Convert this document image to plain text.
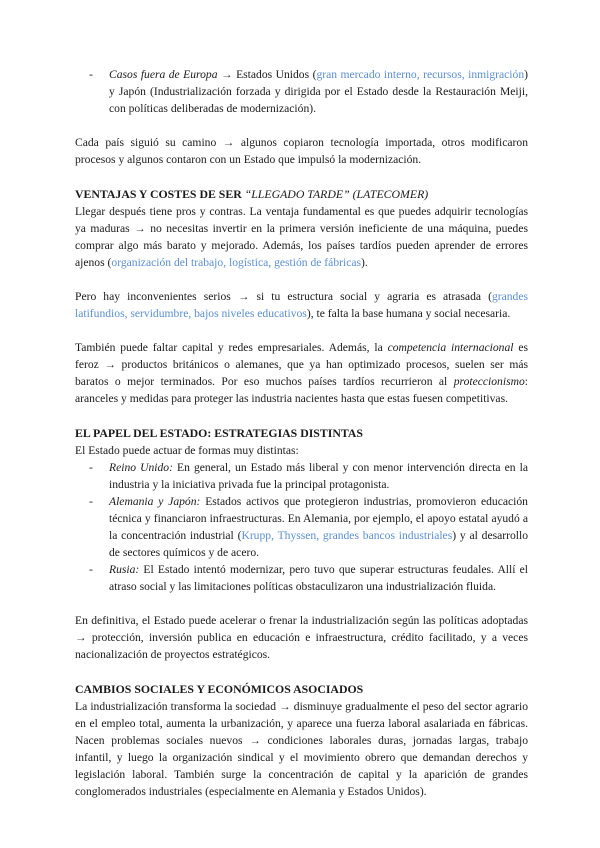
- Casos fuera de Europa → Estados Unidos (gran mercado interno, recursos, inmigración) y Japón (Industrialización forzada y dirigida por el Estado desde la Restauración Meiji, con políticas deliberadas de modernización).

Cada país siguió su camino → algunos copiaron tecnología importada, otros modificaron procesos y algunos contaron con un Estado que impulsó la modernización.

VENTAJAS Y COSTES DE SER “LLEGADO TARDE” (LATECOMER)

Llegar después tiene pros y contras. La ventaja fundamental es que puedes adquirir tecnologías ya maduras → no necesitas invertir en la primera versión ineficiente de una máquina, puedes comprar algo más barato y mejorado. Además, los países tardíos pueden aprender de errores ajenos (organización del trabajo, logística, gestión de fábricas).

Pero hay inconvenientes serios → si tu estructura social y agraria es atrasada (grandes latifundios, servidumbre, bajos niveles educativos), te falta la base humana y social necesaria.

También puede faltar capital y redes empresariales. Además, la competencia internacional es feroz → productos británicos o alemanes, que ya han optimizado procesos, suelen ser más baratos o mejor terminados. Por eso muchos países tardíos recurrieron al proteccionismo: aranceles y medidas para proteger las industria nacientes hasta que estas fuesen competitivas.

EL PAPEL DEL ESTADO: ESTRATEGIAS DISTINTAS

El Estado puede actuar de formas muy distintas:

- Reino Unido: En general, un Estado más liberal y con menor intervención directa en la industria y la iniciativa privada fue la principal protagonista.
- Alemania y Japón: Estados activos que protegieron industrias, promovieron educación técnica y financiaron infraestructuras. En Alemania, por ejemplo, el apoyo estatal ayudó a la concentración industrial (Krupp, Thyssen, grandes bancos industriales) y al desarrollo de sectores químicos y de acero.
- Rusia: El Estado intentó modernizar, pero tuvo que superar estructuras feudales. Allí el atraso social y las limitaciones políticas obstaculizaron una industrialización fluida.

En definitiva, el Estado puede acelerar o frenar la industrialización según las políticas adoptadas → protección, inversión publica en educación e infraestructura, crédito facilitado, y a veces nacionalización de proyectos estratégicos.

CAMBIOS SOCIALES Y ECONÓMICOS ASOCIADOS

La industrialización transforma la sociedad → disminuye gradualmente el peso del sector agrario en el empleo total, aumenta la urbanización, y aparece una fuerza laboral asalariada en fábricas. Nacen problemas sociales nuevos → condiciones laborales duras, jornadas largas, trabajo infantil, y luego la organización sindical y el movimiento obrero que demandan derechos y legislación laboral. También surge la concentración de capital y la aparición de grandes conglomerados industriales (especialmente en Alemania y Estados Unidos).
